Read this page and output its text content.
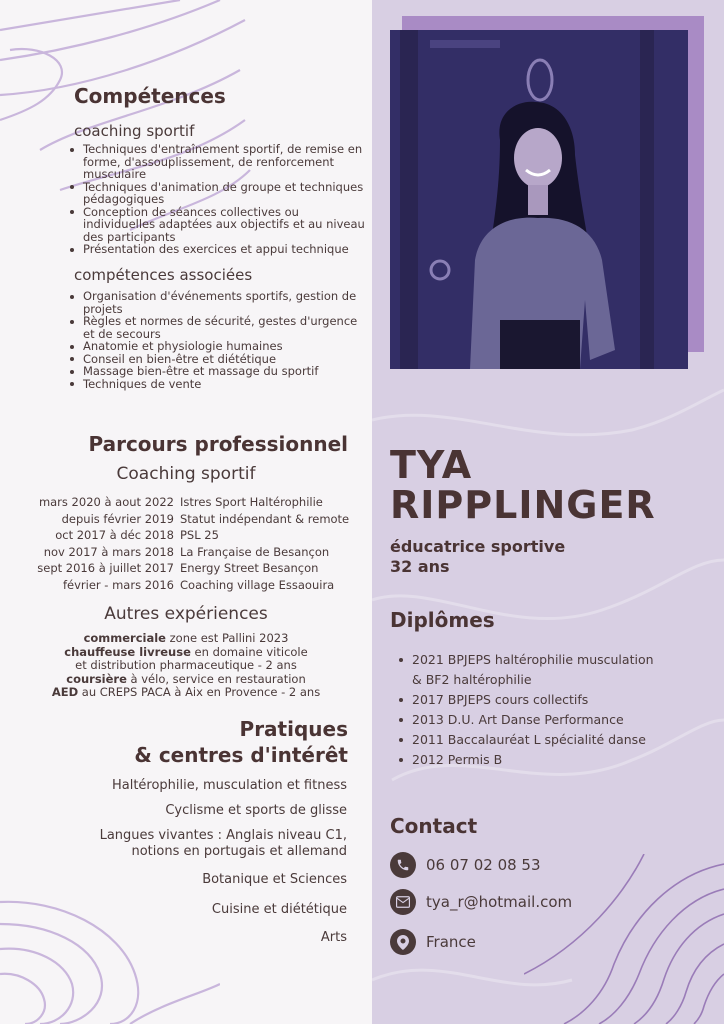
Compétences
coaching sportif
Techniques d'entraînement sportif, de remise en forme, d'assouplissement, de renforcement musculaire
Techniques d'animation de groupe et techniques pédagogiques
Conception de séances collectives ou individuelles adaptées aux objectifs et au niveau des participants
Présentation des exercices et appui technique
compétences associées
Organisation d'événements sportifs, gestion de projets
Règles et normes de sécurité, gestes d'urgence et de secours
Anatomie et physiologie humaines
Conseil en bien-être et diététique
Massage bien-être et massage du sportif
Techniques de vente
Parcours professionnel
Coaching sportif
mars 2020 à aout 2022 Istres Sport Haltérophilie
depuis février 2019 Statut indépendant & remote
oct 2017 à déc 2018 PSL 25
nov 2017 à mars 2018 La Française de Besançon
sept 2016 à juillet 2017 Energy Street Besançon
février - mars 2016 Coaching village Essaouira
Autres expériences
commerciale zone est Pallini 2023
chauffeuse livreuse en domaine viticole
et distribution pharmaceutique - 2 ans
coursière à vélo, service en restauration
AED au CREPS PACA à Aix en Provence - 2 ans
Pratiques
& centres d'intérêt
Haltérophilie, musculation et fitness
Cyclisme et sports de glisse
Langues vivantes : Anglais niveau C1,
notions en portugais et allemand
Botanique et Sciences
Cuisine et diététique
Arts
TYA
RIPPLINGER
éducatrice sportive
32 ans
Diplômes
2021 BPJEPS haltérophilie musculation
& BF2 haltérophilie
2017 BPJEPS cours collectifs
2013 D.U. Art Danse Performance
2011 Baccalauréat L spécialité danse
2012 Permis B
Contact
06 07 02 08 53
tya_r@hotmail.com
France
